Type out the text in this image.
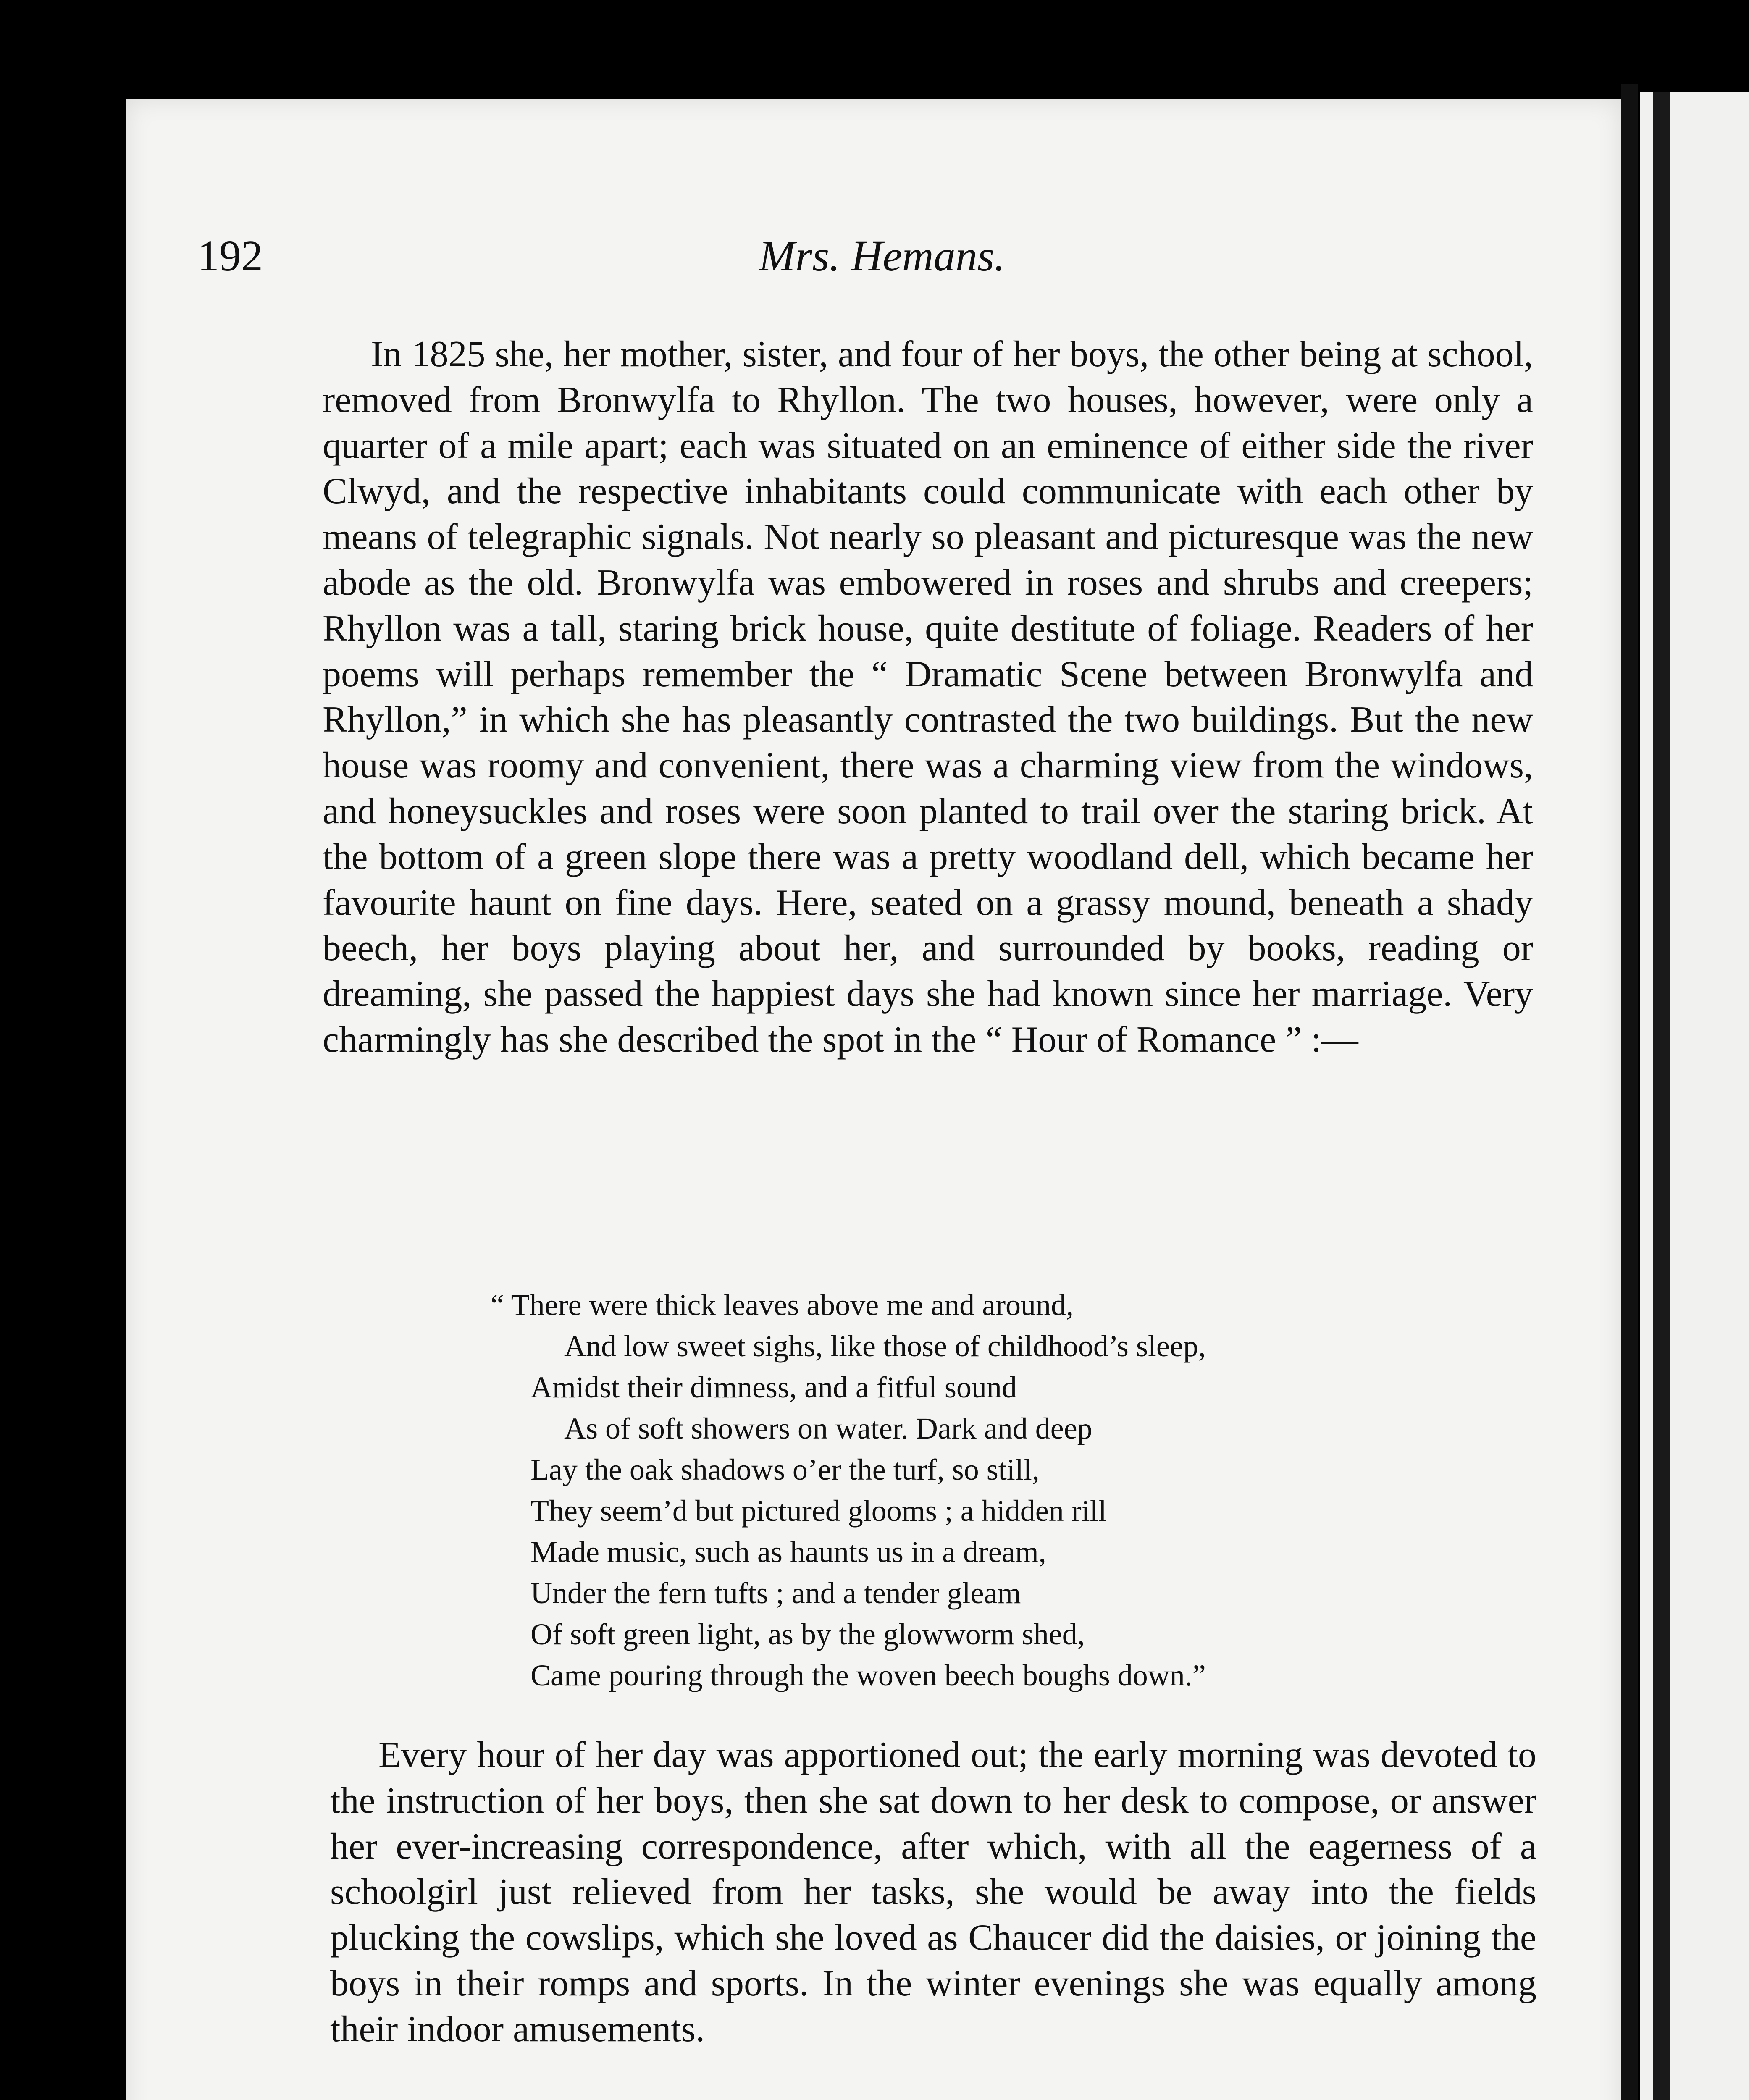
192	Mrs. Hemans.

In 1825 she, her mother, sister, and four of her boys, the other being at school, removed from Bronwylfa to Rhyllon. The two houses, however, were only a quarter of a mile apart; each was situated on an eminence of either side the river Clwyd, and the respective inhabitants could communicate with each other by means of telegraphic signals. Not nearly so pleasant and picturesque was the new abode as the old. Bronwylfa was embowered in roses and shrubs and creepers; Rhyllon was a tall, staring brick house, quite destitute of foliage. Readers of her poems will perhaps remember the “ Dramatic Scene between Bronwylfa and Rhyllon,” in which she has pleasantly contrasted the two buildings. But the new house was roomy and convenient, there was a charming view from the windows, and honeysuckles and roses were soon planted to trail over the staring brick. At the bottom of a green slope there was a pretty woodland dell, which became her favourite haunt on fine days. Here, seated on a grassy mound, beneath a shady beech, her boys playing about her, and surrounded by books, reading or dreaming, she passed the happiest days she had known since her marriage. Very charmingly has she described the spot in the “ Hour of Romance ” :—

“ There were thick leaves above me and around,
And low sweet sighs, like those of childhood’s sleep,
Amidst their dimness, and a fitful sound
As of soft showers on water. Dark and deep
Lay the oak shadows o’er the turf, so still,
They seem’d but pictured glooms ; a hidden rill
Made music, such as haunts us in a dream,
Under the fern tufts ; and a tender gleam
Of soft green light, as by the glowworm shed,
Came pouring through the woven beech boughs down.”

Every hour of her day was apportioned out; the early morning was devoted to the instruction of her boys, then she sat down to her desk to compose, or answer her ever-increasing correspondence, after which, with all the eagerness of a schoolgirl just relieved from her tasks, she would be away into the fields plucking the cowslips, which she loved as Chaucer did the daisies, or joining the boys in their romps and sports. In the winter evenings she was equally among their indoor amusements.
